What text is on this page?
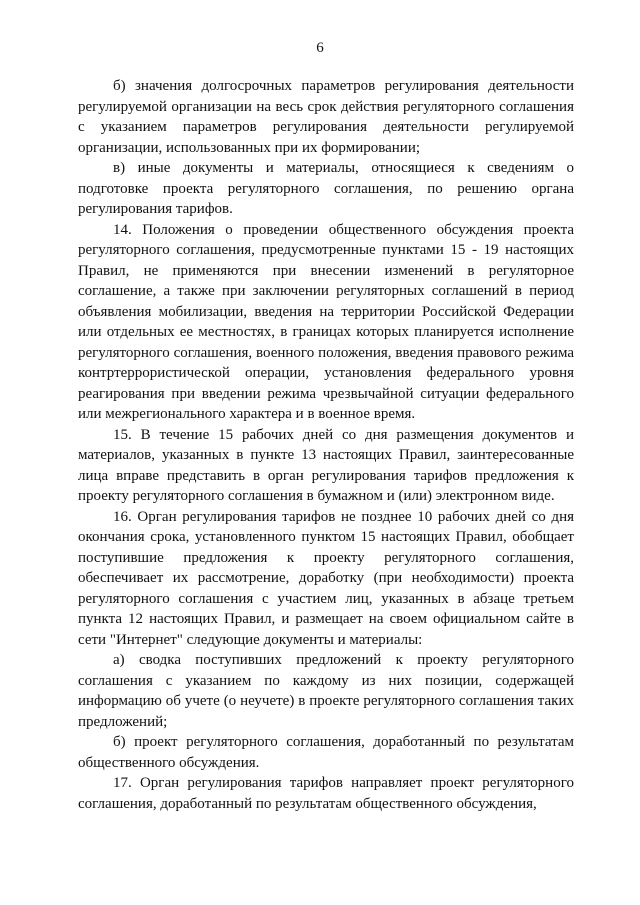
6

б) значения долгосрочных параметров регулирования деятельности регулируемой организации на весь срок действия регуляторного соглашения с указанием параметров регулирования деятельности регулируемой организации, использованных при их формировании;

в) иные документы и материалы, относящиеся к сведениям о подготовке проекта регуляторного соглашения, по решению органа регулирования тарифов.

14. Положения о проведении общественного обсуждения проекта регуляторного соглашения, предусмотренные пунктами 15 - 19 настоящих Правил, не применяются при внесении изменений в регуляторное соглашение, а также при заключении регуляторных соглашений в период объявления мобилизации, введения на территории Российской Федерации или отдельных ее местностях, в границах которых планируется исполнение регуляторного соглашения, военного положения, введения правового режима контртеррористической операции, установления федерального уровня реагирования при введении режима чрезвычайной ситуации федерального или межрегионального характера и в военное время.

15. В течение 15 рабочих дней со дня размещения документов и материалов, указанных в пункте 13 настоящих Правил, заинтересованные лица вправе представить в орган регулирования тарифов предложения к проекту регуляторного соглашения в бумажном и (или) электронном виде.

16. Орган регулирования тарифов не позднее 10 рабочих дней со дня окончания срока, установленного пунктом 15 настоящих Правил, обобщает поступившие предложения к проекту регуляторного соглашения, обеспечивает их рассмотрение, доработку (при необходимости) проекта регуляторного соглашения с участием лиц, указанных в абзаце третьем пункта 12 настоящих Правил, и размещает на своем официальном сайте в сети "Интернет" следующие документы и материалы:

а) сводка поступивших предложений к проекту регуляторного соглашения с указанием по каждому из них позиции, содержащей информацию об учете (о неучете) в проекте регуляторного соглашения таких предложений;

б) проект регуляторного соглашения, доработанный по результатам общественного обсуждения.

17. Орган регулирования тарифов направляет проект регуляторного соглашения, доработанный по результатам общественного обсуждения,
